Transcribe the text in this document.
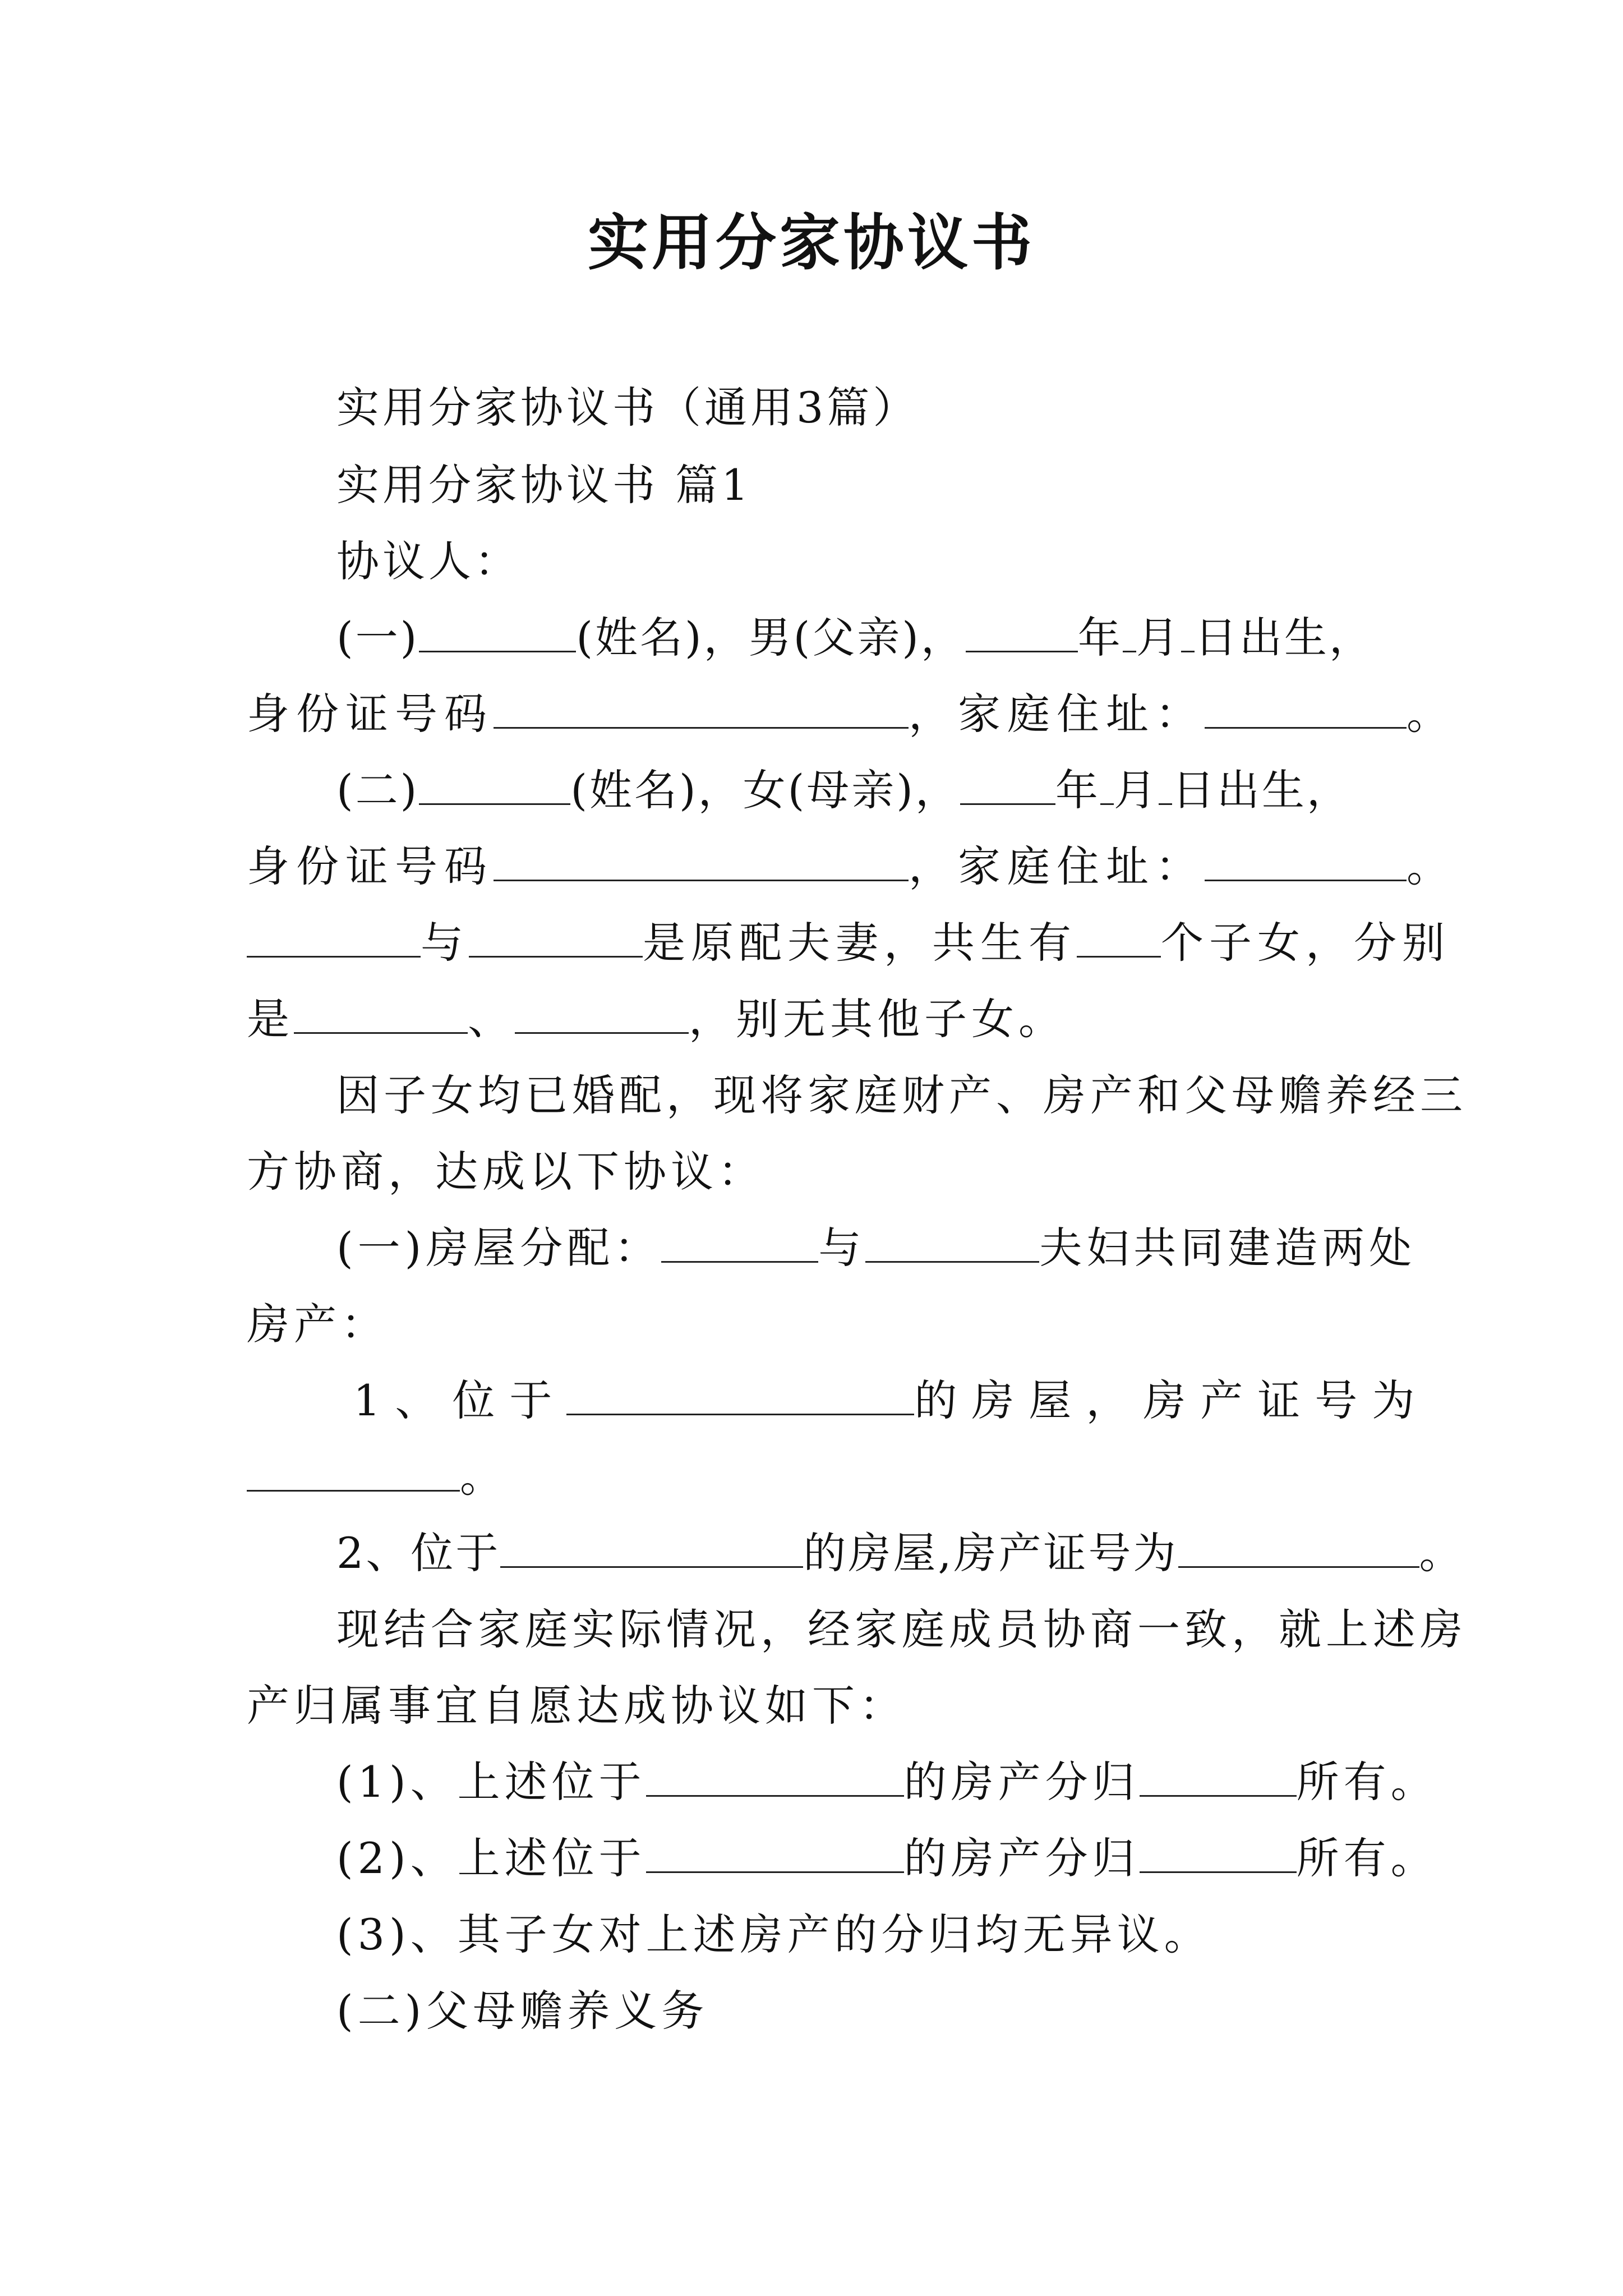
实用分家协议书
实用分家协议书（通用3篇）
实用分家协议书 篇1
协议人：
(一)	(姓名)，男(父亲)，	年 月 日出生，
身份证号码	，家庭住址：	。
(二)	(姓名)，女(母亲)， 年 月 日出生，
身份证号码	，家庭住址：	。
与	是原配夫妻，共生有 个子女，分别
是	、	，别无其他子女。
因子女均已婚配，现将家庭财产、房产和父母赡养经三
方协商，达成以下协议：
(一)房屋分配：	与	夫妇共同建造两处
房产：
1、位于	的房屋，房产证号为
。
2、位于	的房屋,房产证号为	。
现结合家庭实际情况，经家庭成员协商一致，就上述房
产归属事宜自愿达成协议如下：
(1)、上述位于	的房产分归	所有。
(2)、上述位于	的房产分归	所有。
(3)、其子女对上述房产的分归均无异议。
(二)父母赡养义务
